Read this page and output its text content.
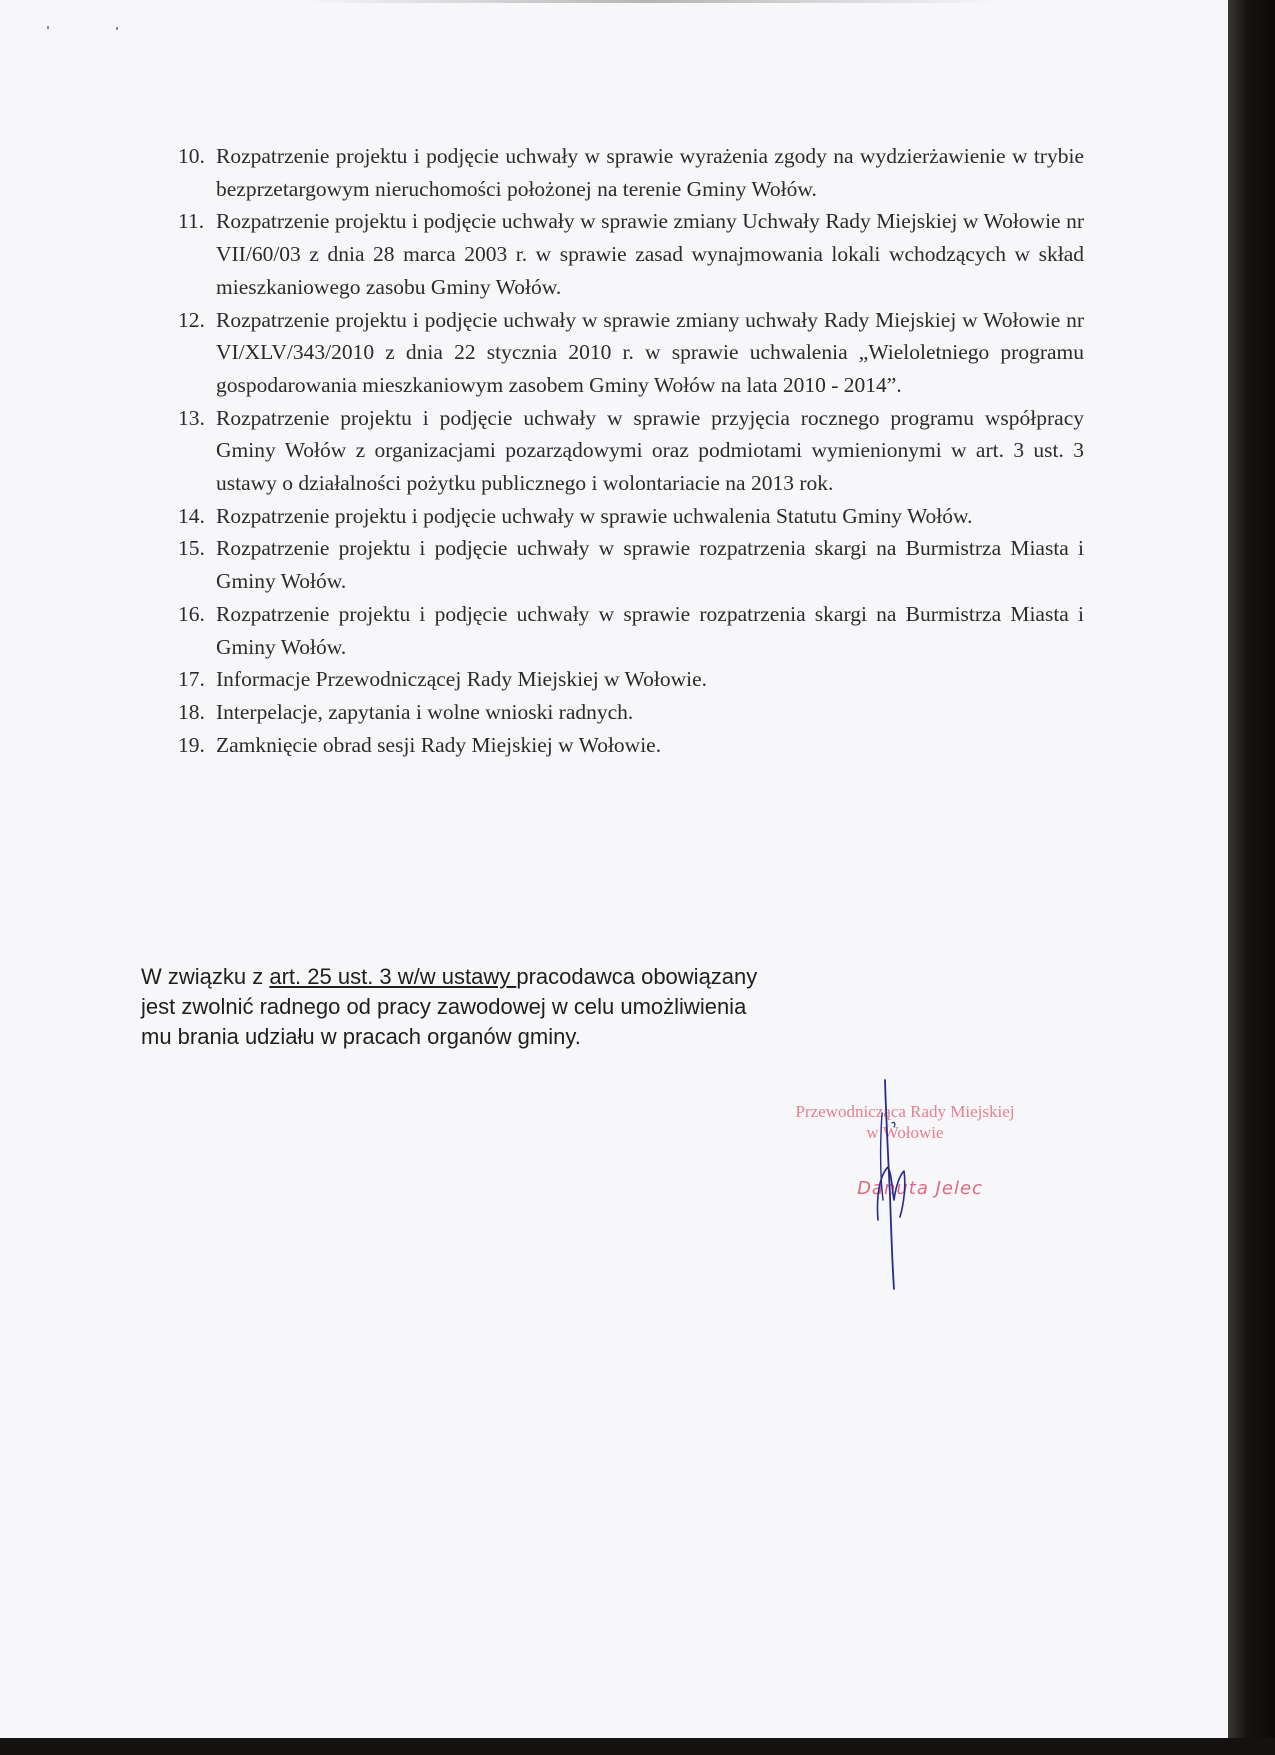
10. Rozpatrzenie projektu i podjęcie uchwały w sprawie wyrażenia zgody na wydzierżawienie w trybie bezprzetargowym nieruchomości położonej na terenie Gminy Wołów.
11. Rozpatrzenie projektu i podjęcie uchwały w sprawie zmiany Uchwały Rady Miejskiej w Wołowie nr VII/60/03 z dnia 28 marca 2003 r. w sprawie zasad wynajmowania lokali wchodzących w skład mieszkaniowego zasobu Gminy Wołów.
12. Rozpatrzenie projektu i podjęcie uchwały w sprawie zmiany uchwały Rady Miejskiej w Wołowie nr VI/XLV/343/2010 z dnia 22 stycznia 2010 r. w sprawie uchwalenia „Wieloletniego programu gospodarowania mieszkaniowym zasobem Gminy Wołów na lata 2010 - 2014”.
13. Rozpatrzenie projektu i podjęcie uchwały w sprawie przyjęcia rocznego programu współpracy Gminy Wołów z organizacjami pozarządowymi oraz podmiotami wymienionymi w art. 3 ust. 3 ustawy o działalności pożytku publicznego i wolontariacie na 2013 rok.
14. Rozpatrzenie projektu i podjęcie uchwały w sprawie uchwalenia Statutu Gminy Wołów.
15. Rozpatrzenie projektu i podjęcie uchwały w sprawie rozpatrzenia skargi na Burmistrza Miasta i Gminy Wołów.
16. Rozpatrzenie projektu i podjęcie uchwały w sprawie rozpatrzenia skargi na Burmistrza Miasta i Gminy Wołów.
17. Informacje Przewodniczącej Rady Miejskiej w Wołowie.
18. Interpelacje, zapytania i wolne wnioski radnych.
19. Zamknięcie obrad sesji Rady Miejskiej w Wołowie.

W związku z art. 25 ust. 3 w/w ustawy pracodawca obowiązany jest zwolnić radnego od pracy zawodowej w celu umożliwienia mu brania udziału w pracach organów gminy.

Przewodnicząca Rady Miejskiej
w Wołowie
Danuta Jelec
